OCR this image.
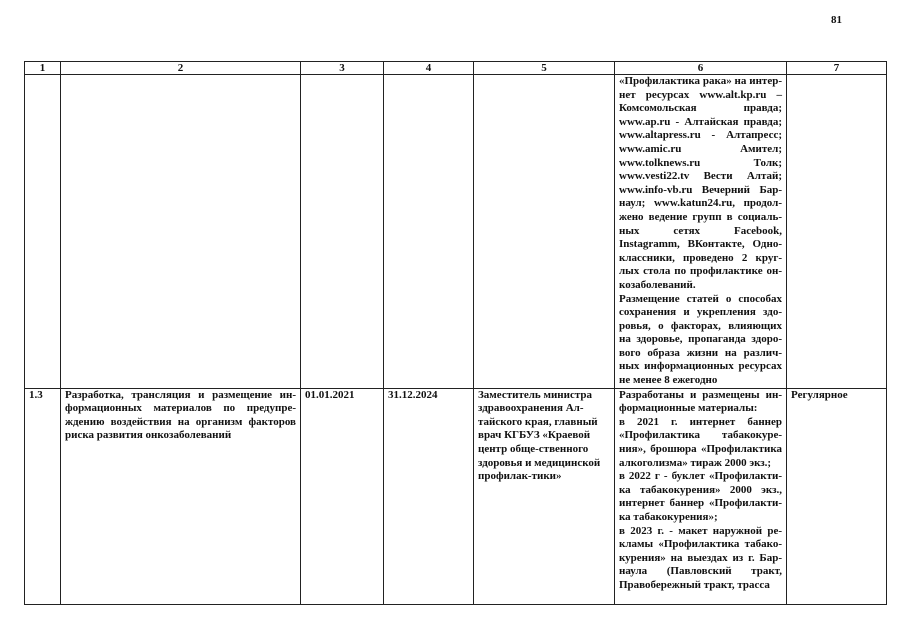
81
1	2	3	4	5	6	7

					«Профилактика рака» на интер-нет ресурсах www.alt.kp.ru – Комсомольская правда; www.ap.ru - Алтайская правда; www.altapress.ru - Алтапресс; www.amic.ru Амител; www.tolknews.ru Толк; www.vesti22.tv Вести Алтай; www.info-vb.ru Вечерний Бар-наул; www.katun24.ru, продол-жено ведение групп в социаль-ных сетях Facebook, Instagramm, ВКонтакте, Одно-классники, проведено 2 круг-лых стола по профилактике он-козаболеваний.
Размещение статей о способах сохранения и укрепления здо-ровья, о факторах, влияющих на здоровье, пропаганда здоро-вого образа жизни на различ-ных информационных ресурсах не менее 8 ежегодно	

1.3	Разработка, трансляция и размещение ин-формационных материалов по предупре-ждению воздействия на организм факторов риска развития онкозаболеваний	01.01.2021	31.12.2024	Заместитель министра здравоохранения Ал-тайского края, главный врач КГБУЗ «Краевой центр обще-ственного здоровья и медицинской профилак-тики»	Разработаны и размещены ин-формационные материалы:
в 2021 г. интернет баннер «Профилактика табакокуре-ния», брошюра «Профилактика алкоголизма» тираж 2000 экз.;
в 2022 г - буклет «Профилакти-ка табакокурения» 2000 экз., интернет баннер «Профилакти-ка табакокурения»;
в 2023 г. - макет наружной ре-кламы «Профилактика табако-курения» на выездах из г. Бар-наула (Павловский тракт, Правобережный тракт, трасса	Регулярное
